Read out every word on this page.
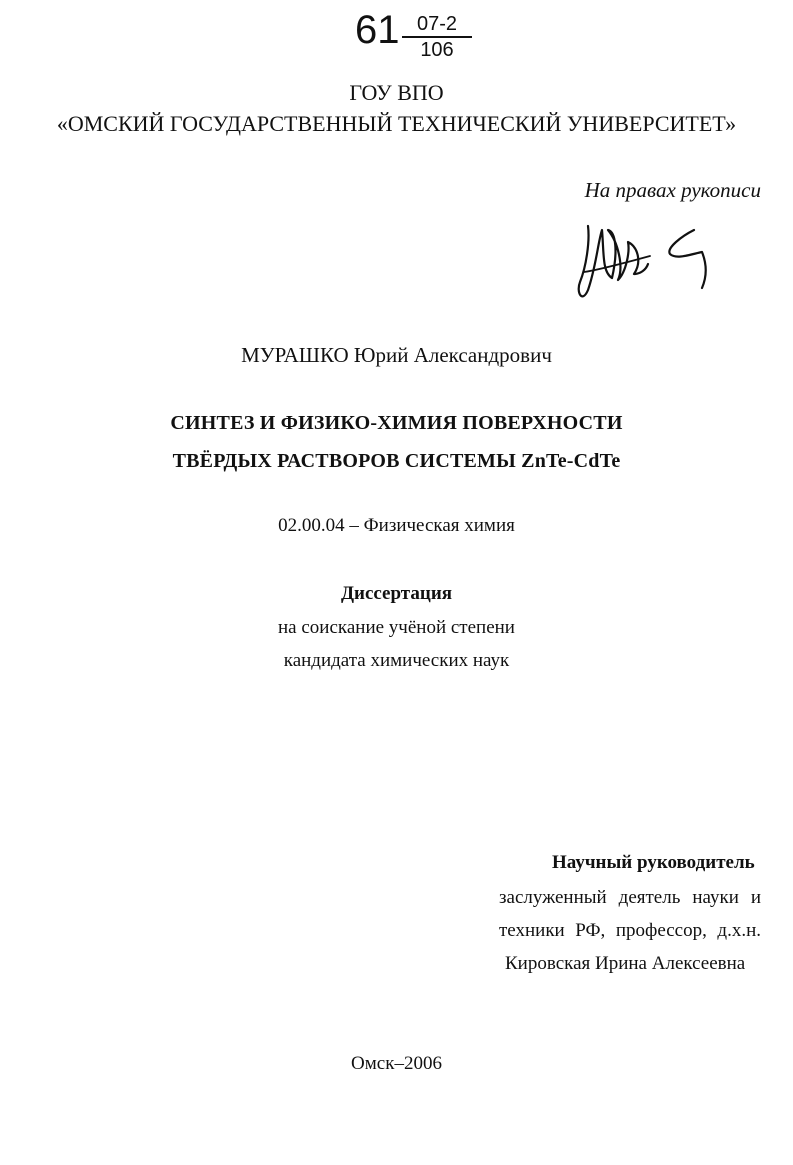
61 07-2
106
ГОУ ВПО
«ОМСКИЙ ГОСУДАРСТВЕННЫЙ ТЕХНИЧЕСКИЙ УНИВЕРСИТЕТ»
На правах рукописи
МУРАШКО Юрий Александрович
СИНТЕЗ И ФИЗИКО-ХИМИЯ ПОВЕРХНОСТИ
ТВЁРДЫХ РАСТВОРОВ СИСТЕМЫ ZnTe-CdTe
02.00.04 – Физическая химия
Диссертация
на соискание учёной степени
кандидата химических наук
Научный руководитель
заслуженный деятель науки и
техники РФ, профессор, д.х.н.
Кировская Ирина Алексеевна
Омск–2006
